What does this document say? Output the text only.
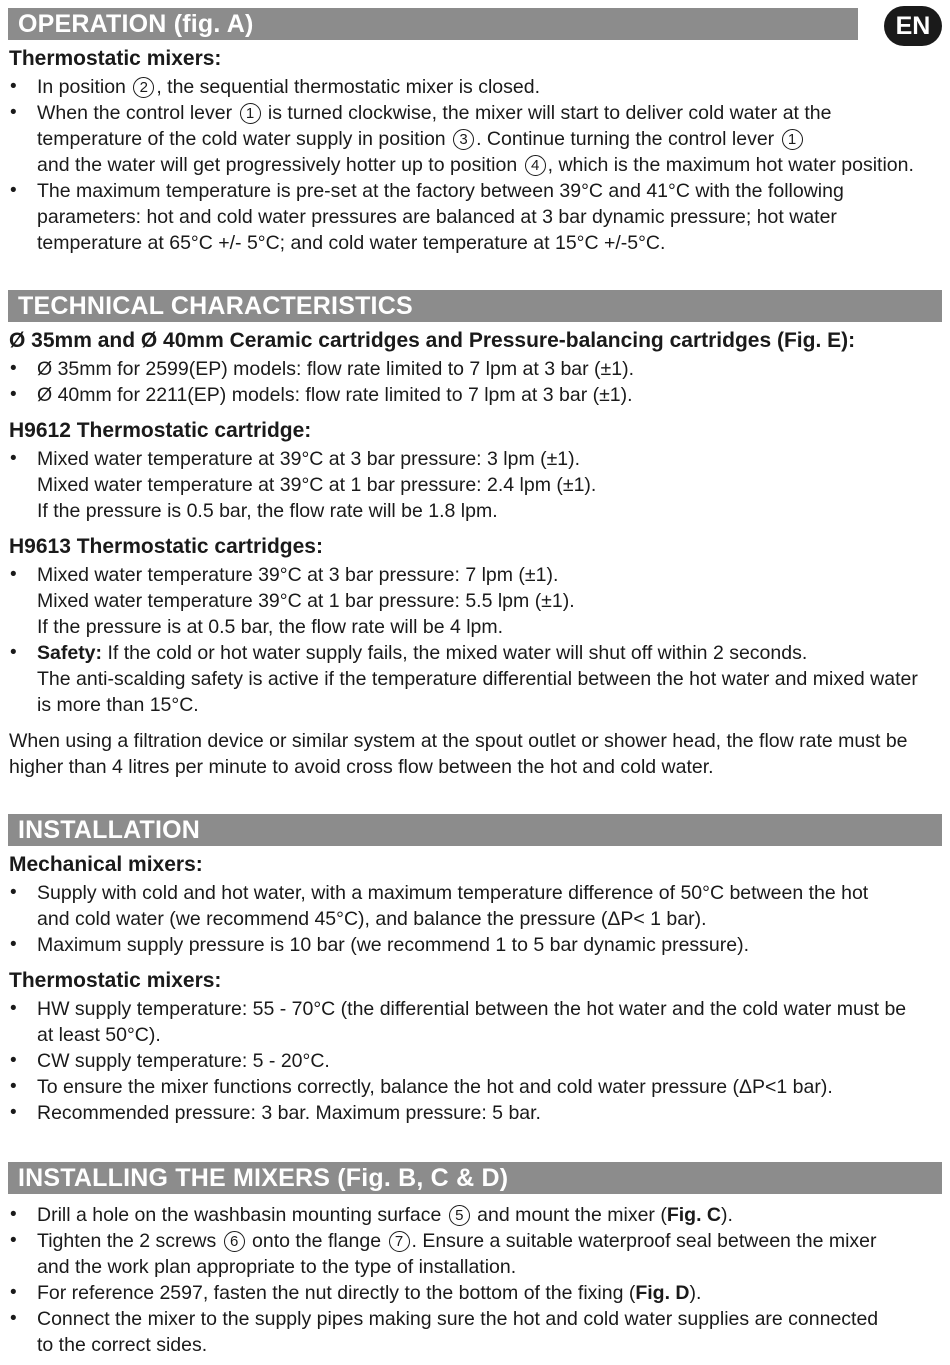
OPERATION (fig. A)	EN
Thermostatic mixers:
• In position 2 , the sequential thermostatic mixer is closed.
• When the control lever 1 is turned clockwise, the mixer will start to deliver cold water at the
temperature of the cold water supply in position 3 . Continue turning the control lever 1
and the water will get progressively hotter up to position 4 , which is the maximum hot water position.
• The maximum temperature is pre-set at the factory between 39°C and 41°C with the following
parameters: hot and cold water pressures are balanced at 3 bar dynamic pressure; hot water
temperature at 65°C +/- 5°C; and cold water temperature at 15°C +/-5°C.
TECHNICAL CHARACTERISTICS
Ø 35mm and Ø 40mm Ceramic cartridges and Pressure-balancing cartridges (Fig. E):
• Ø 35mm for 2599(EP) models: flow rate limited to 7 lpm at 3 bar (±1).
• Ø 40mm for 2211(EP) models: flow rate limited to 7 lpm at 3 bar (±1).
H9612 Thermostatic cartridge:
• Mixed water temperature at 39°C at 3 bar pressure: 3 lpm (±1).
Mixed water temperature at 39°C at 1 bar pressure: 2.4 lpm (±1).
If the pressure is 0.5 bar, the flow rate will be 1.8 lpm.
H9613 Thermostatic cartridges:
• Mixed water temperature 39°C at 3 bar pressure: 7 lpm (±1).
Mixed water temperature 39°C at 1 bar pressure: 5.5 lpm (±1).
If the pressure is at 0.5 bar, the flow rate will be 4 lpm.
• Safety: If the cold or hot water supply fails, the mixed water will shut off within 2 seconds.
The anti-scalding safety is active if the temperature differential between the hot water and mixed water
is more than 15°C.
When using a filtration device or similar system at the spout outlet or shower head, the flow rate must be
higher than 4 litres per minute to avoid cross flow between the hot and cold water.
INSTALLATION
Mechanical mixers:
• Supply with cold and hot water, with a maximum temperature difference of 50°C between the hot
and cold water (we recommend 45°C), and balance the pressure (ΔP< 1 bar).
• Maximum supply pressure is 10 bar (we recommend 1 to 5 bar dynamic pressure).
Thermostatic mixers:
• HW supply temperature: 55 - 70°C (the differential between the hot water and the cold water must be
at least 50°C).
• CW supply temperature: 5 - 20°C.
• To ensure the mixer functions correctly, balance the hot and cold water pressure (ΔP<1 bar).
• Recommended pressure: 3 bar. Maximum pressure: 5 bar.
INSTALLING THE MIXERS (Fig. B, C & D)
• Drill a hole on the washbasin mounting surface 5 and mount the mixer (Fig. C).
• Tighten the 2 screws 6 onto the flange 7 . Ensure a suitable waterproof seal between the mixer
and the work plan appropriate to the type of installation.
• For reference 2597, fasten the nut directly to the bottom of the fixing (Fig. D).
• Connect the mixer to the supply pipes making sure the hot and cold water supplies are connected
to the correct sides.
